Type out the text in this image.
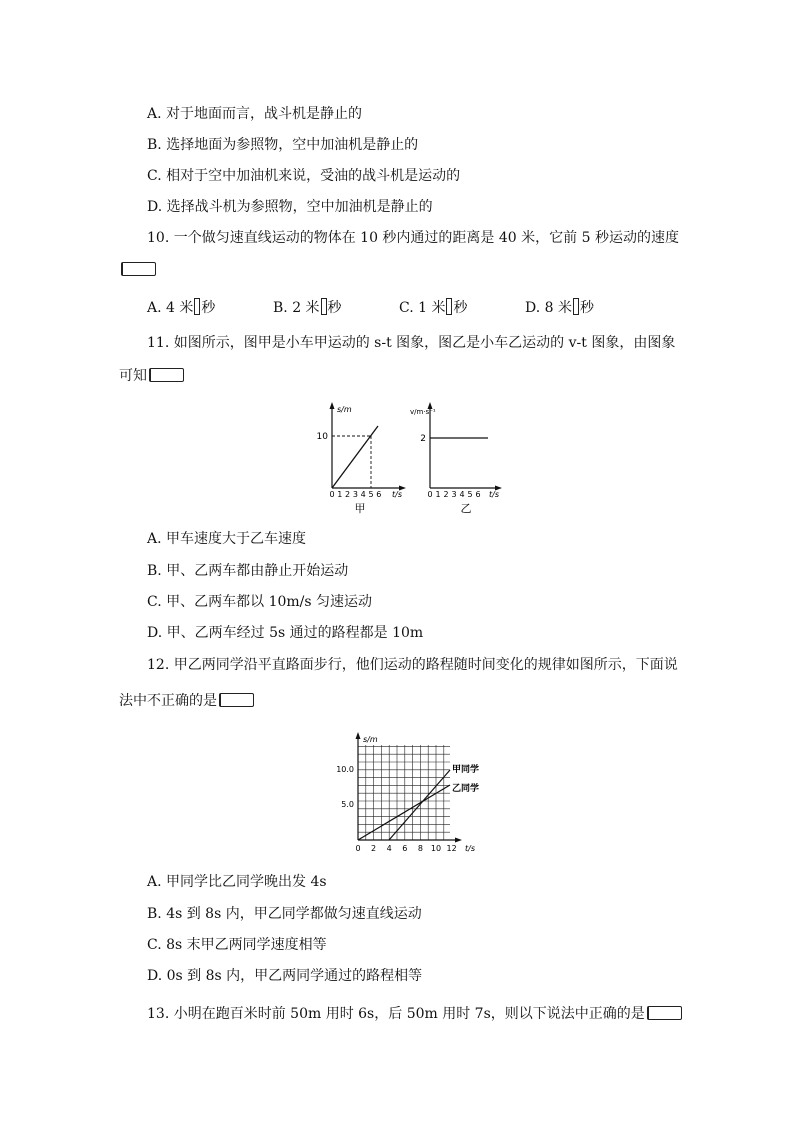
A. 对于地面而言，战斗机是静止的
B. 选择地面为参照物，空中加油机是静止的
C. 相对于空中加油机来说，受油的战斗机是运动的
D. 选择战斗机为参照物，空中加油机是静止的
10. 一个做匀速直线运动的物体在 10 秒内通过的距离是 40 米，它前 5 秒运动的速度
A. 4 米 秒	B. 2 米 秒	C. 1 米 秒	D. 8 米 秒
11. 如图所示，图甲是小车甲运动的 s-t 图象，图乙是小车乙运动的 v-t 图象，由图象
可知
s/m
10
0 1 2 3 4 5 6 t/s
甲
v/m·s⁻¹
2
0 1 2 3 4 5 6 t/s
乙
A. 甲车速度大于乙车速度
B. 甲、乙两车都由静止开始运动
C. 甲、乙两车都以 10m/s 匀速运动
D. 甲、乙两车经过 5s 通过的路程都是 10m
12. 甲乙两同学沿平直路面步行，他们运动的路程随时间变化的规律如图所示，下面说
法中不正确的是
s/m
10.0
5.0
0 2 4 6 8 10 12 t/s
甲同学
乙同学
A. 甲同学比乙同学晚出发 4s
B. 4s 到 8s 内，甲乙同学都做匀速直线运动
C. 8s 末甲乙两同学速度相等
D. 0s 到 8s 内，甲乙两同学通过的路程相等
13. 小明在跑百米时前 50m 用时 6s，后 50m 用时 7s，则以下说法中正确的是
